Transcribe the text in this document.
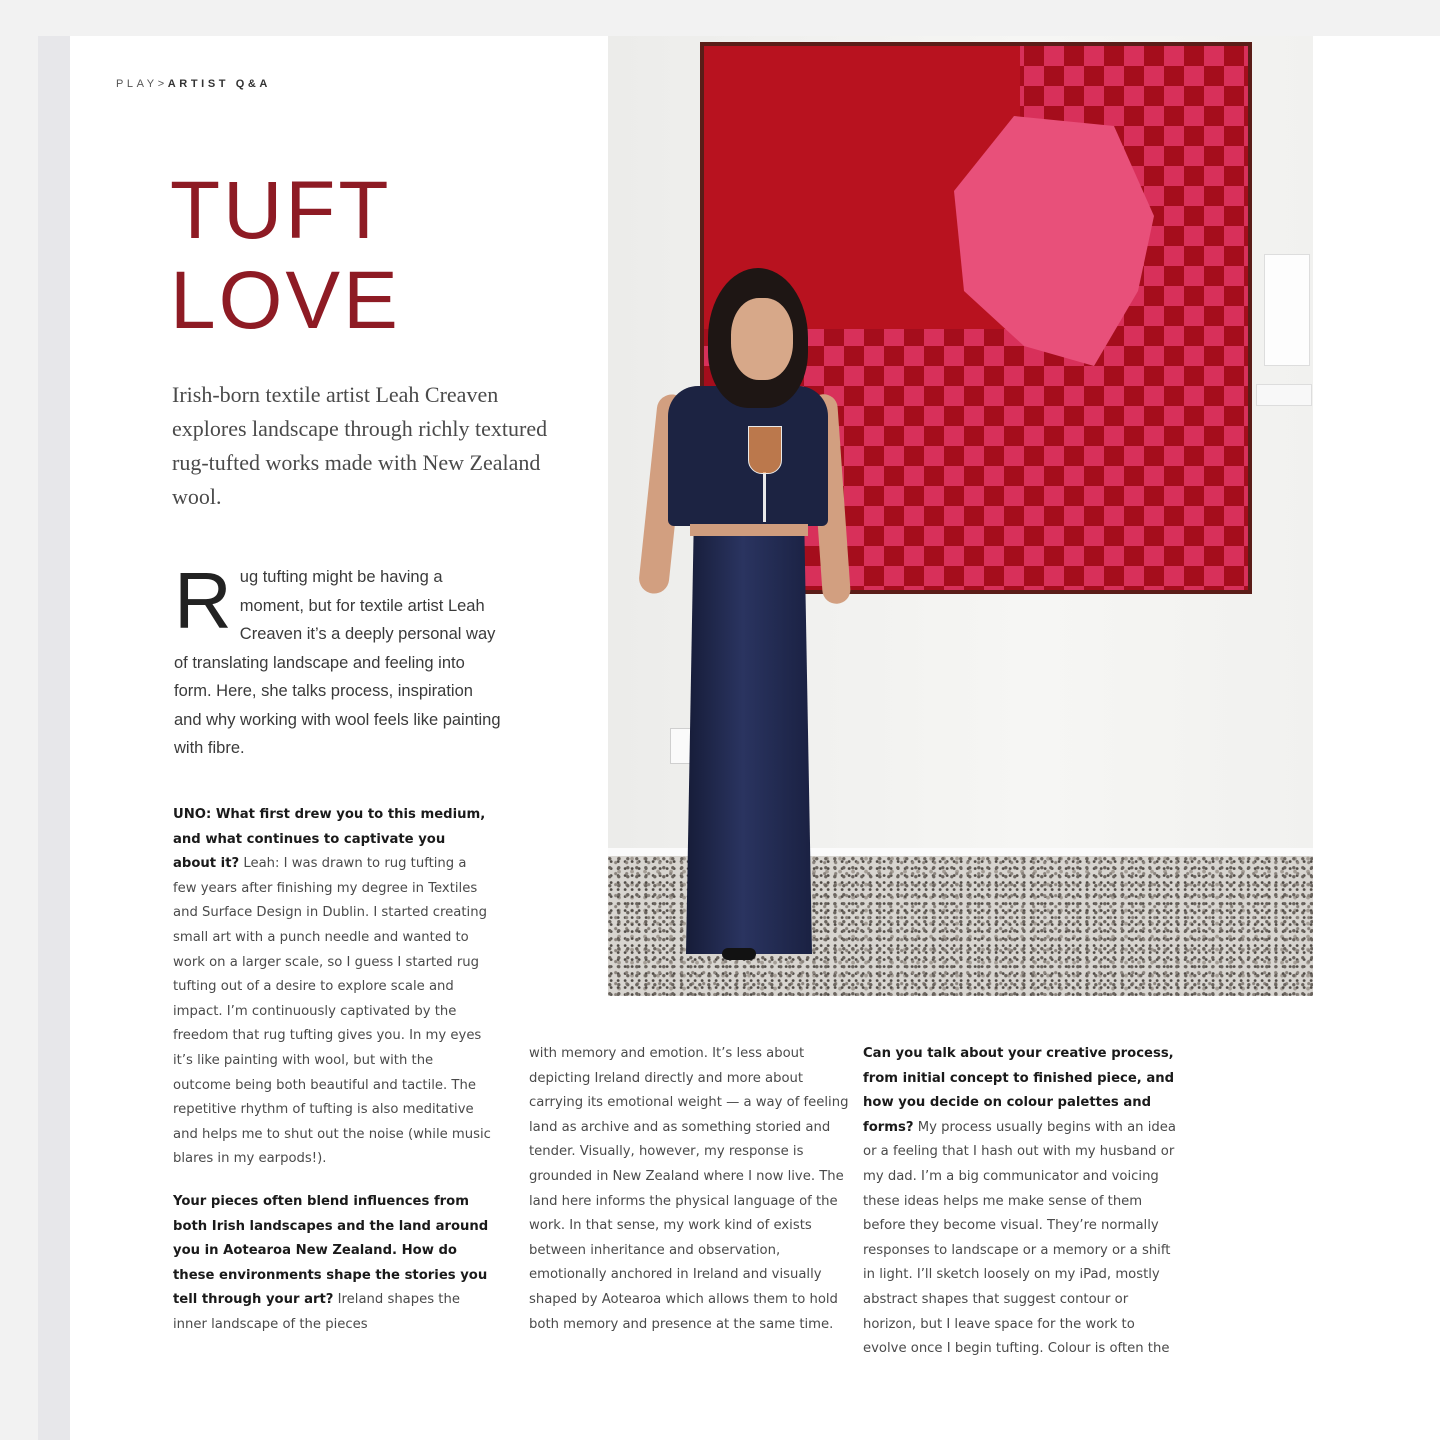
PLAY>ARTIST Q&A
TUFT
LOVE

Irish-born textile artist Leah Creaven explores landscape through richly textured rug-tufted works made with New Zealand wool.

Rug tufting might be having a moment, but for textile artist Leah Creaven it’s a deeply personal way of translating landscape and feeling into form. Here, she talks process, inspiration and why working with wool feels like painting with fibre.

UNO: What first drew you to this medium, and what continues to captivate you about it? Leah: I was drawn to rug tufting a few years after finishing my degree in Textiles and Surface Design in Dublin. I started creating small art with a punch needle and wanted to work on a larger scale, so I guess I started rug tufting out of a desire to explore scale and impact. I’m continuously captivated by the freedom that rug tufting gives you. In my eyes it’s like painting with wool, but with the outcome being both beautiful and tactile. The repetitive rhythm of tufting is also meditative and helps me to shut out the noise (while music blares in my earpods!).

Your pieces often blend influences from both Irish landscapes and the land around you in Aotearoa New Zealand. How do these environments shape the stories you tell through your art? Ireland shapes the inner landscape of the pieces

with memory and emotion. It’s less about depicting Ireland directly and more about carrying its emotional weight — a way of feeling land as archive and as something storied and tender. Visually, however, my response is grounded in New Zealand where I now live. The land here informs the physical language of the work. In that sense, my work kind of exists between inheritance and observation, emotionally anchored in Ireland and visually shaped by Aotearoa which allows them to hold both memory and presence at the same time.

Can you talk about your creative process, from initial concept to finished piece, and how you decide on colour palettes and forms? My process usually begins with an idea or a feeling that I hash out with my husband or my dad. I’m a big communicator and voicing these ideas helps me make sense of them before they become visual. They’re normally responses to landscape or a memory or a shift in light. I’ll sketch loosely on my iPad, mostly abstract shapes that suggest contour or horizon, but I leave space for the work to evolve once I begin tufting. Colour is often the
